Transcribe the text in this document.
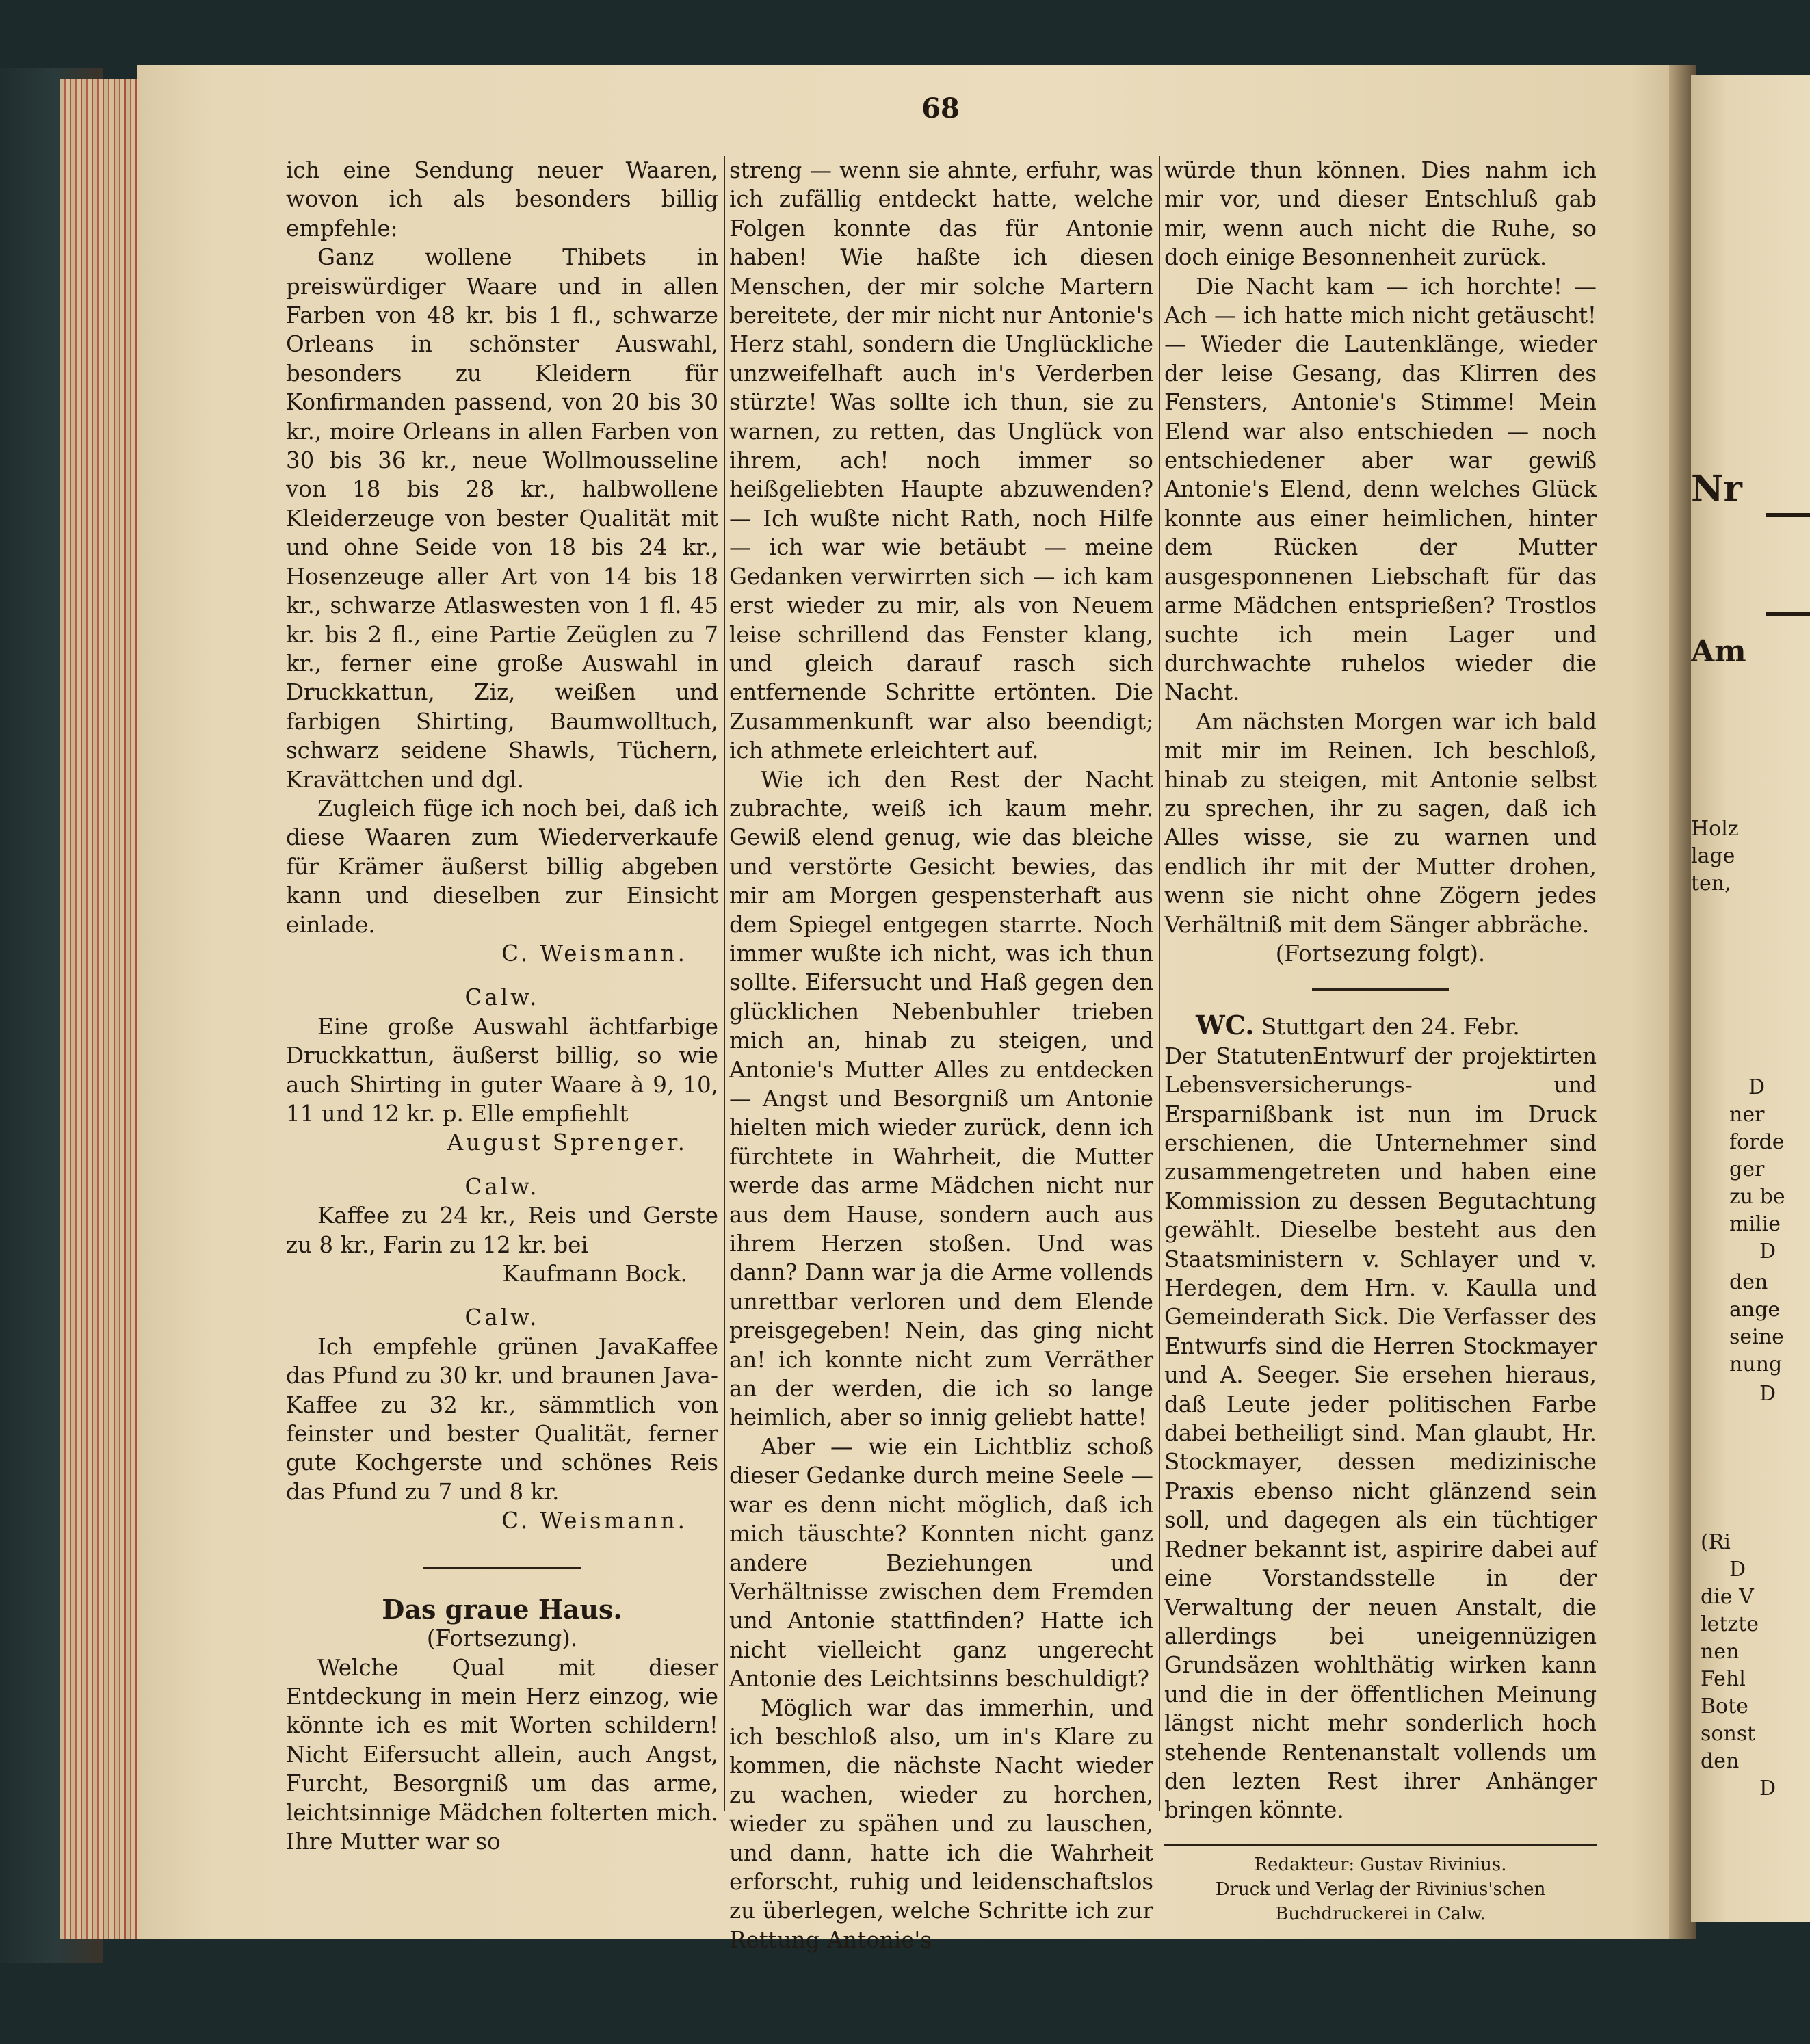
Nr
Am
Holz
lage
ten,
D
ner
forde
ger
zu be
milie
D
den
ange
seine
nung
D
(Ri
D
die V
letzte
nen
Fehl
Bote
sonst
den
D
68

ich eine Sendung neuer Waaren, wovon ich als besonders billig empfehle:

Ganz wollene Thibets in preiswürdiger Waare und in allen Farben von 48 kr. bis 1 fl., schwarze Orleans in schönster Auswahl, besonders zu Kleidern für Konfirmanden passend, von 20 bis 30 kr., moire Orleans in allen Farben von 30 bis 36 kr., neue Wollmousseline von 18 bis 28 kr., halbwollene Kleiderzeuge von bester Qualität mit und ohne Seide von 18 bis 24 kr., Hosenzeuge aller Art von 14 bis 18 kr., schwarze Atlaswesten von 1 fl. 45 kr. bis 2 fl., eine Partie Zeüglen zu 7 kr., ferner eine große Auswahl in Druckkattun, Ziz, weißen und farbigen Shirting, Baumwolltuch, schwarz seidene Shawls, Tüchern, Kravättchen und dgl.

Zugleich füge ich noch bei, daß ich diese Waaren zum Wiederverkaufe für Krämer äußerst billig abgeben kann und dieselben zur Einsicht einlade.

C. Weismann.

Calw.

Eine große Auswahl ächtfarbige Druckkattun, äußerst billig, so wie auch Shirting in guter Waare à 9, 10, 11 und 12 kr. p. Elle empfiehlt

August Sprenger.

Calw.

Kaffee zu 24 kr., Reis und Gerste zu 8 kr., Farin zu 12 kr. bei

Kaufmann Bock.

Calw.

Ich empfehle grünen JavaKaffee das Pfund zu 30 kr. und braunen Java-Kaffee zu 32 kr., sämmtlich von feinster und bester Qualität, ferner gute Kochgerste und schönes Reis das Pfund zu 7 und 8 kr.

C. Weismann.

Das graue Haus.

(Fortsezung).

Welche Qual mit dieser Entdeckung in mein Herz einzog, wie könnte ich es mit Worten schildern! Nicht Eifersucht allein, auch Angst, Furcht, Besorgniß um das arme, leichtsinnige Mädchen folterten mich. Ihre Mutter war so

streng — wenn sie ahnte, erfuhr, was ich zufällig entdeckt hatte, welche Folgen konnte das für Antonie haben! Wie haßte ich diesen Menschen, der mir solche Martern bereitete, der mir nicht nur Antonie's Herz stahl, sondern die Unglückliche unzweifelhaft auch in's Verderben stürzte! Was sollte ich thun, sie zu warnen, zu retten, das Unglück von ihrem, ach! noch immer so heißgeliebten Haupte abzuwenden? — Ich wußte nicht Rath, noch Hilfe — ich war wie betäubt — meine Gedanken verwirrten sich — ich kam erst wieder zu mir, als von Neuem leise schrillend das Fenster klang, und gleich darauf rasch sich entfernende Schritte ertönten. Die Zusammenkunft war also beendigt; ich athmete erleichtert auf.

Wie ich den Rest der Nacht zubrachte, weiß ich kaum mehr. Gewiß elend genug, wie das bleiche und verstörte Gesicht bewies, das mir am Morgen gespensterhaft aus dem Spiegel entgegen starrte. Noch immer wußte ich nicht, was ich thun sollte. Eifersucht und Haß gegen den glücklichen Nebenbuhler trieben mich an, hinab zu steigen, und Antonie's Mutter Alles zu entdecken — Angst und Besorgniß um Antonie hielten mich wieder zurück, denn ich fürchtete in Wahrheit, die Mutter werde das arme Mädchen nicht nur aus dem Hause, sondern auch aus ihrem Herzen stoßen. Und was dann? Dann war ja die Arme vollends unrettbar verloren und dem Elende preisgegeben! Nein, das ging nicht an! ich konnte nicht zum Verräther an der werden, die ich so lange heimlich, aber so innig geliebt hatte!

Aber — wie ein Lichtbliz schoß dieser Gedanke durch meine Seele — war es denn nicht möglich, daß ich mich täuschte? Konnten nicht ganz andere Beziehungen und Verhältnisse zwischen dem Fremden und Antonie stattfinden? Hatte ich nicht vielleicht ganz ungerecht Antonie des Leichtsinns beschuldigt?

Möglich war das immerhin, und ich beschloß also, um in's Klare zu kommen, die nächste Nacht wieder zu wachen, wieder zu horchen, wieder zu spähen und zu lauschen, und dann, hatte ich die Wahrheit erforscht, ruhig und leidenschaftslos zu überlegen, welche Schritte ich zur Rettung Antonie's

würde thun können. Dies nahm ich mir vor, und dieser Entschluß gab mir, wenn auch nicht die Ruhe, so doch einige Besonnenheit zurück.

Die Nacht kam — ich horchte! — Ach — ich hatte mich nicht getäuscht! — Wieder die Lautenklänge, wieder der leise Gesang, das Klirren des Fensters, Antonie's Stimme! Mein Elend war also entschieden — noch entschiedener aber war gewiß Antonie's Elend, denn welches Glück konnte aus einer heimlichen, hinter dem Rücken der Mutter ausgesponnenen Liebschaft für das arme Mädchen entsprießen? Trostlos suchte ich mein Lager und durchwachte ruhelos wieder die Nacht.

Am nächsten Morgen war ich bald mit mir im Reinen. Ich beschloß, hinab zu steigen, mit Antonie selbst zu sprechen, ihr zu sagen, daß ich Alles wisse, sie zu warnen und endlich ihr mit der Mutter drohen, wenn sie nicht ohne Zögern jedes Verhältniß mit dem Sänger abbräche.

(Fortsezung folgt).

WC. Stuttgart den 24. Febr.

Der StatutenEntwurf der projektirten Lebensversicherungs- und Ersparnißbank ist nun im Druck erschienen, die Unternehmer sind zusammengetreten und haben eine Kommission zu dessen Begutachtung gewählt. Dieselbe besteht aus den Staatsministern v. Schlayer und v. Herdegen, dem Hrn. v. Kaulla und Gemeinderath Sick. Die Verfasser des Entwurfs sind die Herren Stockmayer und A. Seeger. Sie ersehen hieraus, daß Leute jeder politischen Farbe dabei betheiligt sind. Man glaubt, Hr. Stockmayer, dessen medizinische Praxis ebenso nicht glänzend sein soll, und dagegen als ein tüchtiger Redner bekannt ist, aspirire dabei auf eine Vorstandsstelle in der Verwaltung der neuen Anstalt, die allerdings bei uneigennüzigen Grundsäzen wohlthätig wirken kann und die in der öffentlichen Meinung längst nicht mehr sonderlich hoch stehende Rentenanstalt vollends um den lezten Rest ihrer Anhänger bringen könnte.

Redakteur: Gustav Rivinius.
Druck und Verlag der Rivinius'schen Buchdruckerei in Calw.
